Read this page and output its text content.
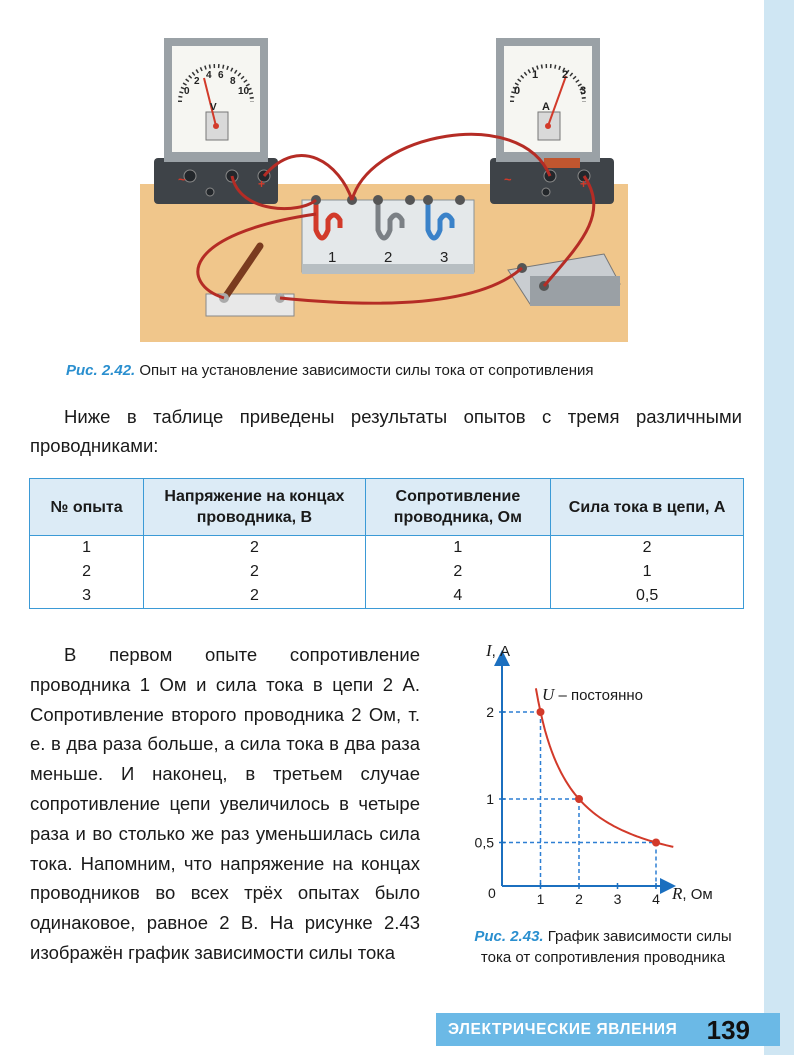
0
2
4 6
8
10
V
~	+
0
1 2
3
A
~	+
1	2	3
Рис. 2.42. Опыт на установление зависимости силы тока от сопротивления
Ниже в таблице приведены результаты опытов с тремя различными проводниками:
№ опыта	Напряжение на концах проводника, В	Сопротивление проводника, Ом	Сила тока в цепи, А
1	2	1	2
2	2	2	1
3	2	4	0,5
В первом опыте сопротивление проводника 1 Ом и сила тока в цепи 2 А. Сопротивление второго проводника 2 Ом, т. е. в два раза больше, а сила тока в два раза меньше. И наконец, в третьем случае сопротивление цепи увеличилось в четыре раза и во столько же раз уменьшилась сила тока. Напомним, что напряжение на концах проводников во всех трёх опытах было одинаковое, равное 2 В. На рисунке 2.43 изображён график зависимости силы тока
1 2 3 4
2
1
0,5
I, А
R, Ом
U – постоянно
0
Рис. 2.43. График зависимости силы тока от сопротивления проводника
ЭЛЕКТРИЧЕСКИЕ ЯВЛЕНИЯ 139
